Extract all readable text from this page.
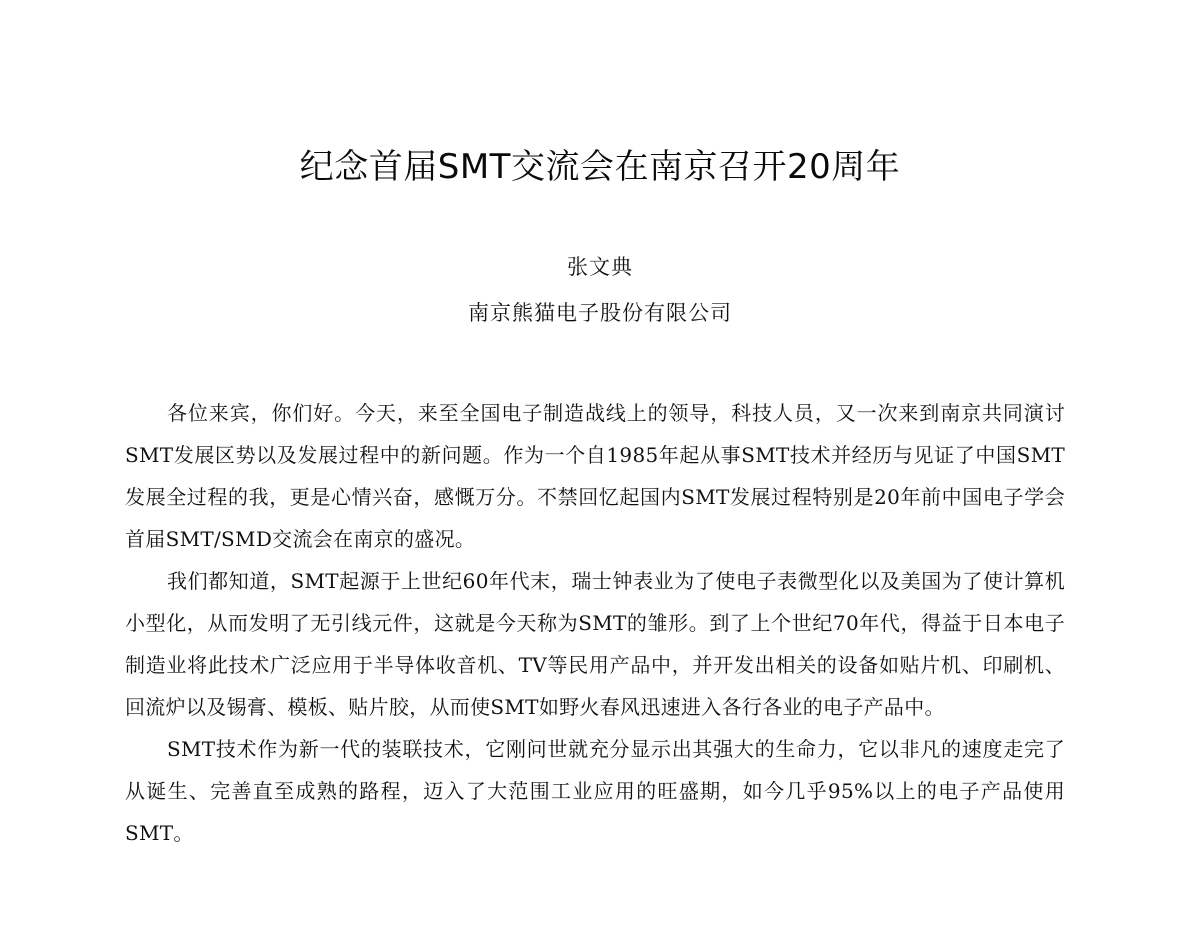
纪念首届SMT交流会在南京召开20周年
张文典
南京熊猫电子股份有限公司

各位来宾，你们好。今天，来至全国电子制造战线上的领导，科技人员，又一次来到南京共同演讨SMT发展区势以及发展过程中的新问题。作为一个自1985年起从事SMT技术并经历与见证了中国SMT发展全过程的我，更是心情兴奋，感慨万分。不禁回忆起国内SMT发展过程特别是20年前中国电子学会首届SMT/SMD交流会在南京的盛况。

我们都知道，SMT起源于上世纪60年代末，瑞士钟表业为了使电子表微型化以及美国为了使计算机小型化，从而发明了无引线元件，这就是今天称为SMT的雏形。到了上个世纪70年代，得益于日本电子制造业将此技术广泛应用于半导体收音机、TV等民用产品中，并开发出相关的设备如贴片机、印刷机、回流炉以及锡膏、模板、贴片胶，从而使SMT如野火春风迅速进入各行各业的电子产品中。

SMT技术作为新一代的装联技术，它刚问世就充分显示出其强大的生命力，它以非凡的速度走完了从诞生、完善直至成熟的路程，迈入了大范围工业应用的旺盛期，如今几乎95%以上的电子产品使用SMT。
